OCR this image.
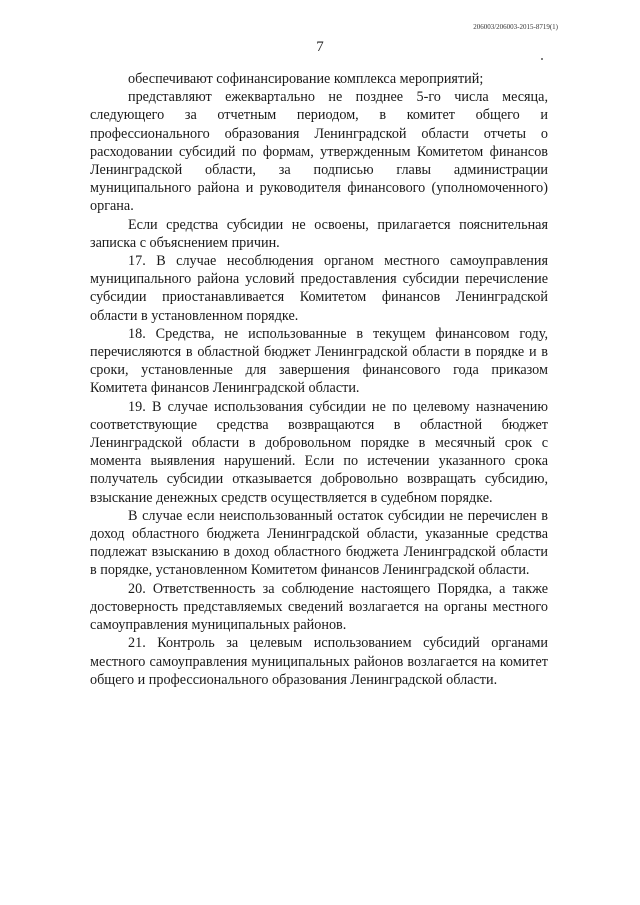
206003/206003-2015-8719(1)
7

обеспечивают софинансирование комплекса мероприятий;

представляют ежеквартально не позднее 5-го числа месяца, следующего за отчетным периодом, в комитет общего и профессионального образования Ленинградской области отчеты о расходовании субсидий по формам, утвержденным Комитетом финансов Ленинградской области, за подписью главы администрации муниципального района и руководителя финансового (уполномоченного) органа.

Если средства субсидии не освоены, прилагается пояснительная записка с объяснением причин.

17. В случае несоблюдения органом местного самоуправления муниципального района условий предоставления субсидии перечисление субсидии приостанавливается Комитетом финансов Ленинградской области в установленном порядке.

18. Средства, не использованные в текущем финансовом году, перечисляются в областной бюджет Ленинградской области в порядке и в сроки, установленные для завершения финансового года приказом Комитета финансов Ленинградской области.

19. В случае использования субсидии не по целевому назначению соответствующие средства возвращаются в областной бюджет Ленинградской области в добровольном порядке в месячный срок с момента выявления нарушений. Если по истечении указанного срока получатель субсидии отказывается добровольно возвращать субсидию, взыскание денежных средств осуществляется в судебном порядке.

В случае если неиспользованный остаток субсидии не перечислен в доход областного бюджета Ленинградской области, указанные средства подлежат взысканию в доход областного бюджета Ленинградской области в порядке, установленном Комитетом финансов Ленинградской области.

20. Ответственность за соблюдение настоящего Порядка, а также достоверность представляемых сведений возлагается на органы местного самоуправления муниципальных районов.

21. Контроль за целевым использованием субсидий органами местного самоуправления муниципальных районов возлагается на комитет общего и профессионального образования Ленинградской области.
